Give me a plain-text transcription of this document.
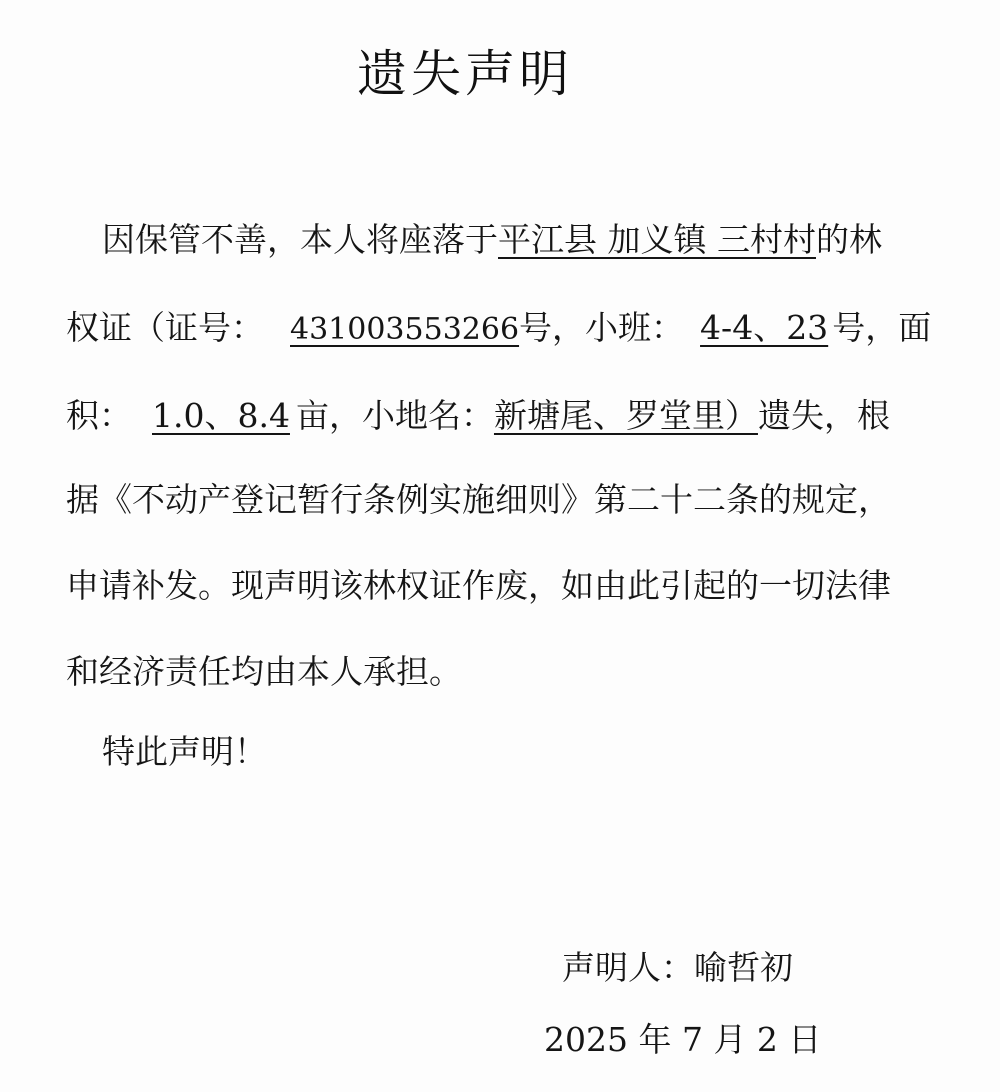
遗失声明
因保管不善，本人将座落于平江县 加义镇 三村村的林
权证（证号： 431003553266号，小班： 4-4、23 号，面
积： 1.0、8.4 亩，小地名：新塘尾、罗堂里）遗失，根
据《不动产登记暂行条例实施细则》第二十二条的规定，
申请补发。现声明该林权证作废，如由此引起的一切法律
和经济责任均由本人承担。
特此声明！
声明人：喻哲初
2025 年 7 月 2 日
